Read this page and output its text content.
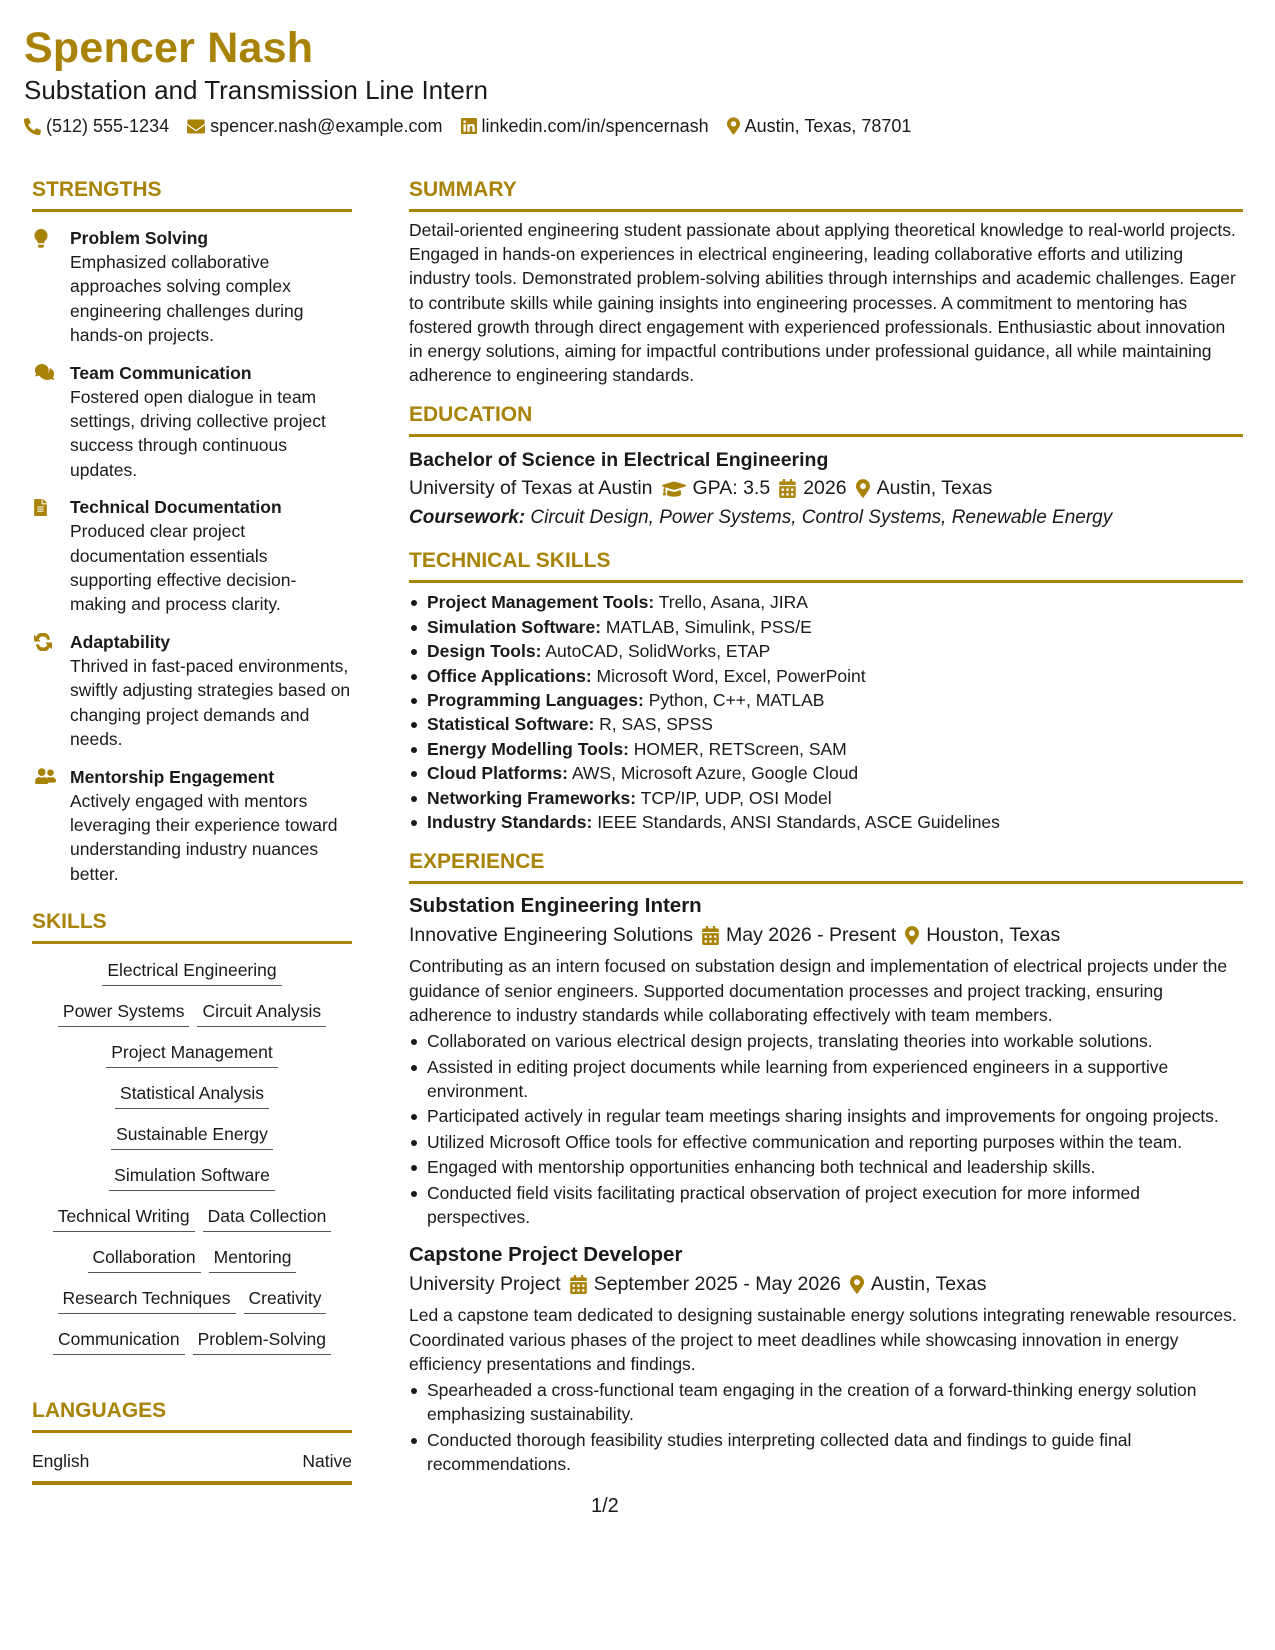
Spencer Nash
Substation and Transmission Line Intern
(512) 555-1234 spencer.nash@example.com linkedin.com/in/spencernash Austin, Texas, 78701
STRENGTHS
Problem Solving
Emphasized collaborative approaches solving complex engineering challenges during hands-on projects.
Team Communication
Fostered open dialogue in team settings, driving collective project success through continuous updates.
Technical Documentation
Produced clear project documentation essentials supporting effective decision-making and process clarity.
Adaptability
Thrived in fast-paced environments, swiftly adjusting strategies based on changing project demands and needs.
Mentorship Engagement
Actively engaged with mentors leveraging their experience toward understanding industry nuances better.
SKILLS
Electrical Engineering
Power Systems Circuit Analysis
Project Management
Statistical Analysis
Sustainable Energy
Simulation Software
Technical Writing Data Collection
Collaboration Mentoring
Research Techniques Creativity
Communication Problem-Solving
LANGUAGES
English	Native
SUMMARY
Detail-oriented engineering student passionate about applying theoretical knowledge to real-world projects. Engaged in hands-on experiences in electrical engineering, leading collaborative efforts and utilizing industry tools. Demonstrated problem-solving abilities through internships and academic challenges. Eager to contribute skills while gaining insights into engineering processes. A commitment to mentoring has fostered growth through direct engagement with experienced professionals. Enthusiastic about innovation in energy solutions, aiming for impactful contributions under professional guidance, all while maintaining adherence to engineering standards.
EDUCATION
Bachelor of Science in Electrical Engineering
University of Texas at Austin GPA: 3.5 2026 Austin, Texas
Coursework: Circuit Design, Power Systems, Control Systems, Renewable Energy
TECHNICAL SKILLS
Project Management Tools: Trello, Asana, JIRA
Simulation Software: MATLAB, Simulink, PSS/E
Design Tools: AutoCAD, SolidWorks, ETAP
Office Applications: Microsoft Word, Excel, PowerPoint
Programming Languages: Python, C++, MATLAB
Statistical Software: R, SAS, SPSS
Energy Modelling Tools: HOMER, RETScreen, SAM
Cloud Platforms: AWS, Microsoft Azure, Google Cloud
Networking Frameworks: TCP/IP, UDP, OSI Model
Industry Standards: IEEE Standards, ANSI Standards, ASCE Guidelines
EXPERIENCE
Substation Engineering Intern
Innovative Engineering Solutions May 2026 - Present Houston, Texas
Contributing as an intern focused on substation design and implementation of electrical projects under the guidance of senior engineers. Supported documentation processes and project tracking, ensuring adherence to industry standards while collaborating effectively with team members.
Collaborated on various electrical design projects, translating theories into workable solutions.
Assisted in editing project documents while learning from experienced engineers in a supportive environment.
Participated actively in regular team meetings sharing insights and improvements for ongoing projects.
Utilized Microsoft Office tools for effective communication and reporting purposes within the team.
Engaged with mentorship opportunities enhancing both technical and leadership skills.
Conducted field visits facilitating practical observation of project execution for more informed perspectives.
Capstone Project Developer
University Project September 2025 - May 2026 Austin, Texas
Led a capstone team dedicated to designing sustainable energy solutions integrating renewable resources. Coordinated various phases of the project to meet deadlines while showcasing innovation in energy efficiency presentations and findings.
Spearheaded a cross-functional team engaging in the creation of a forward-thinking energy solution emphasizing sustainability.
Conducted thorough feasibility studies interpreting collected data and findings to guide final recommendations.
1/2
